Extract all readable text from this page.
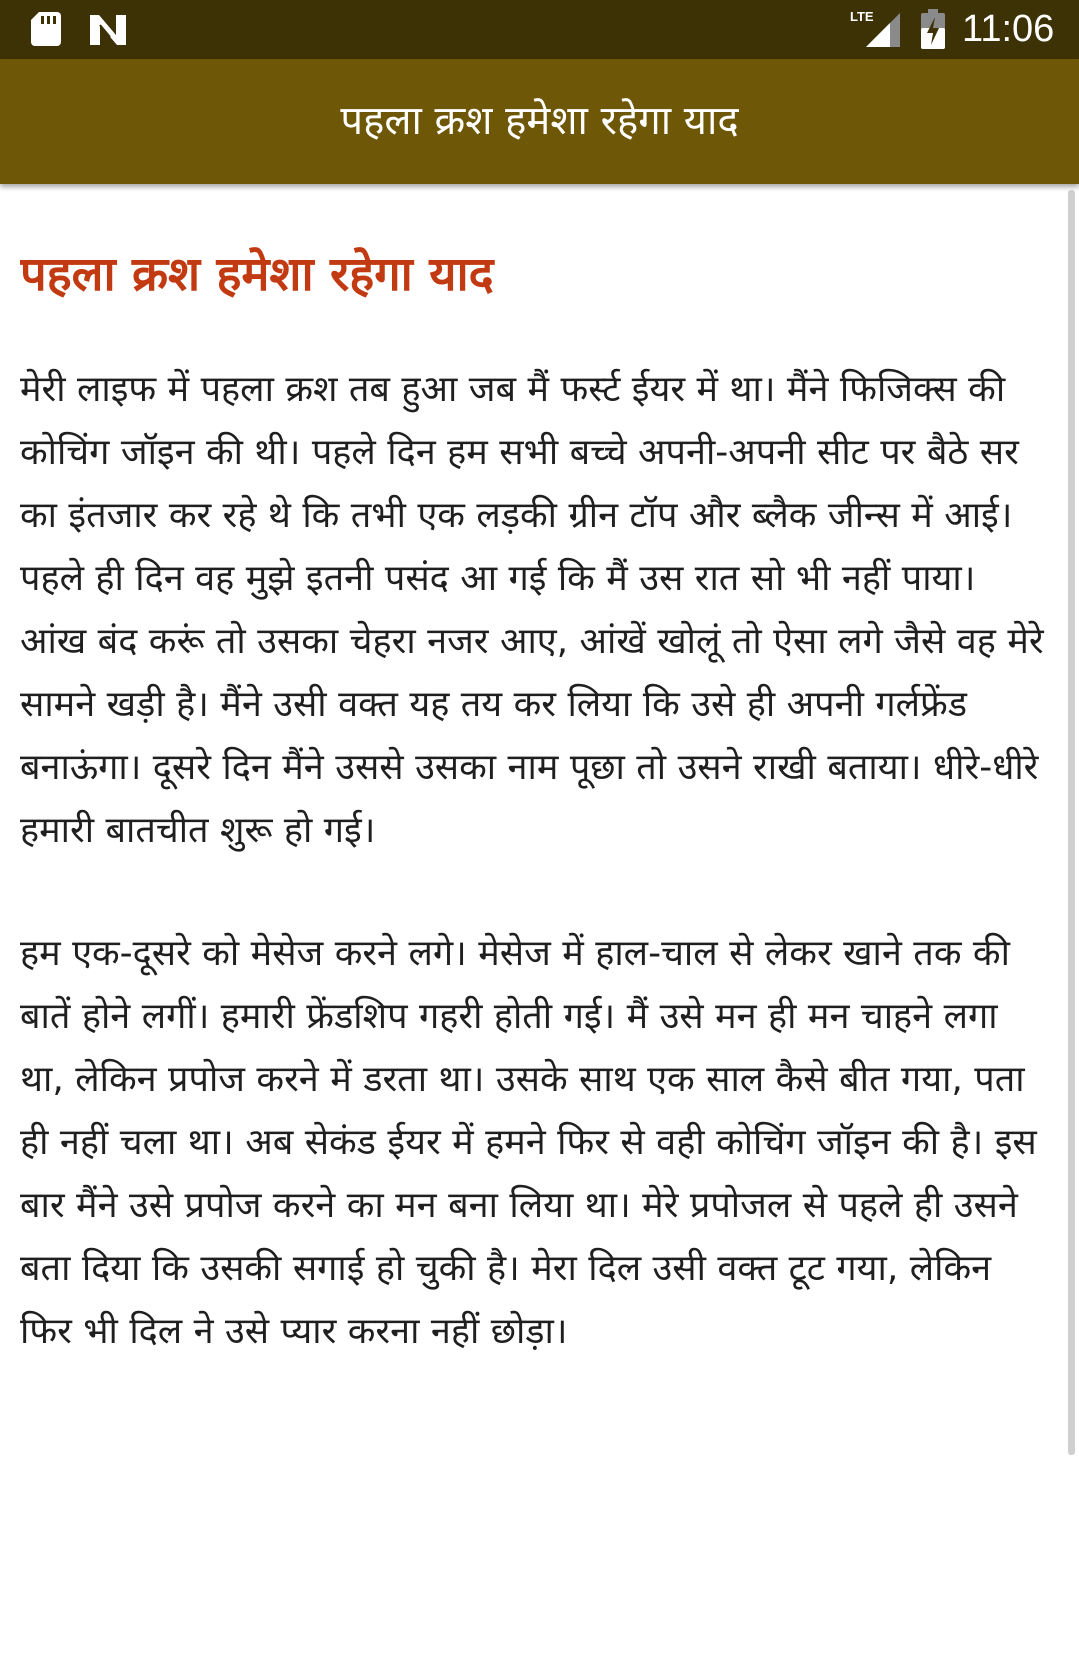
LTE 11:06
पहला क्रश हमेशा रहेगा याद
पहला क्रश हमेशा रहेगा याद

मेरी लाइफ में पहला क्रश तब हुआ जब मैं फर्स्ट ईयर में था। मैंने फिजिक्स की कोचिंग जॉइन की थी। पहले दिन हम सभी बच्चे अपनी-अपनी सीट पर बैठे सर का इंतजार कर रहे थे कि तभी एक लड़की ग्रीन टॉप और ब्लैक जीन्स में आई। पहले ही दिन वह मुझे इतनी पसंद आ गई कि मैं उस रात सो भी नहीं पाया। आंख बंद करूं तो उसका चेहरा नजर आए, आंखें खोलूं तो ऐसा लगे जैसे वह मेरे सामने खड़ी है। मैंने उसी वक्त यह तय कर लिया कि उसे ही अपनी गर्लफ्रेंड बनाऊंगा। दूसरे दिन मैंने उससे उसका नाम पूछा तो उसने राखी बताया। धीरे-धीरे हमारी बातचीत शुरू हो गई।

हम एक-दूसरे को मेसेज करने लगे। मेसेज में हाल-चाल से लेकर खाने तक की बातें होने लगीं। हमारी फ्रेंडशिप गहरी होती गई। मैं उसे मन ही मन चाहने लगा था, लेकिन प्रपोज करने में डरता था। उसके साथ एक साल कैसे बीत गया, पता ही नहीं चला था। अब सेकंड ईयर में हमने फिर से वही कोचिंग जॉइन की है। इस बार मैंने उसे प्रपोज करने का मन बना लिया था। मेरे प्रपोजल से पहले ही उसने बता दिया कि उसकी सगाई हो चुकी है। मेरा दिल उसी वक्त टूट गया, लेकिन फिर भी दिल ने उसे प्यार करना नहीं छोड़ा।
